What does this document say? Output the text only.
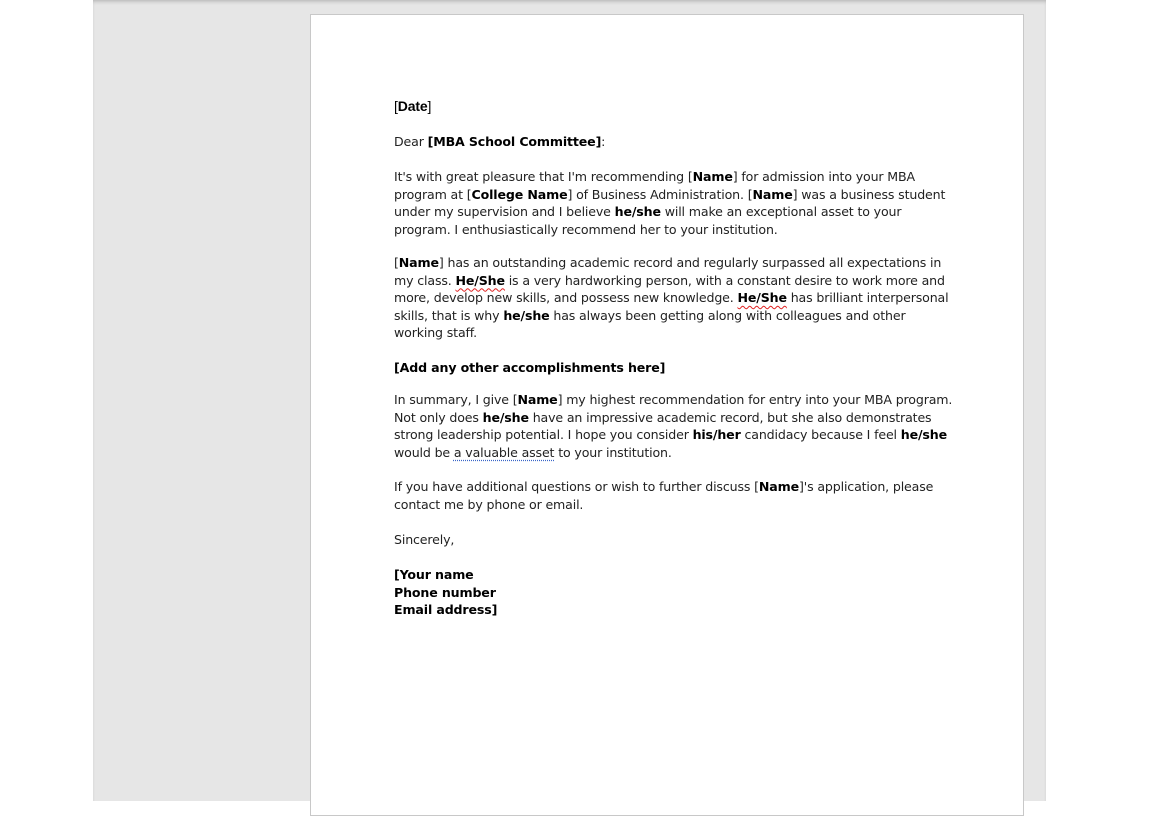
[Date]

Dear [MBA School Committee]:

It's with great pleasure that I'm recommending [Name] for admission into your MBA program at [College Name] of Business Administration. [Name] was a business student under my supervision and I believe he/she will make an exceptional asset to your program. I enthusiastically recommend her to your institution.

[Name] has an outstanding academic record and regularly surpassed all expectations in my class. He/She is a very hardworking person, with a constant desire to work more and more, develop new skills, and possess new knowledge. He/She has brilliant interpersonal skills, that is why he/she has always been getting along with colleagues and other working staff.

[Add any other accomplishments here]

In summary, I give [Name] my highest recommendation for entry into your MBA program. Not only does he/she have an impressive academic record, but she also demonstrates strong leadership potential. I hope you consider his/her candidacy because I feel he/she would be a valuable asset to your institution.

If you have additional questions or wish to further discuss [Name]'s application, please contact me by phone or email.

Sincerely,

[Your name
Phone number
Email address]
